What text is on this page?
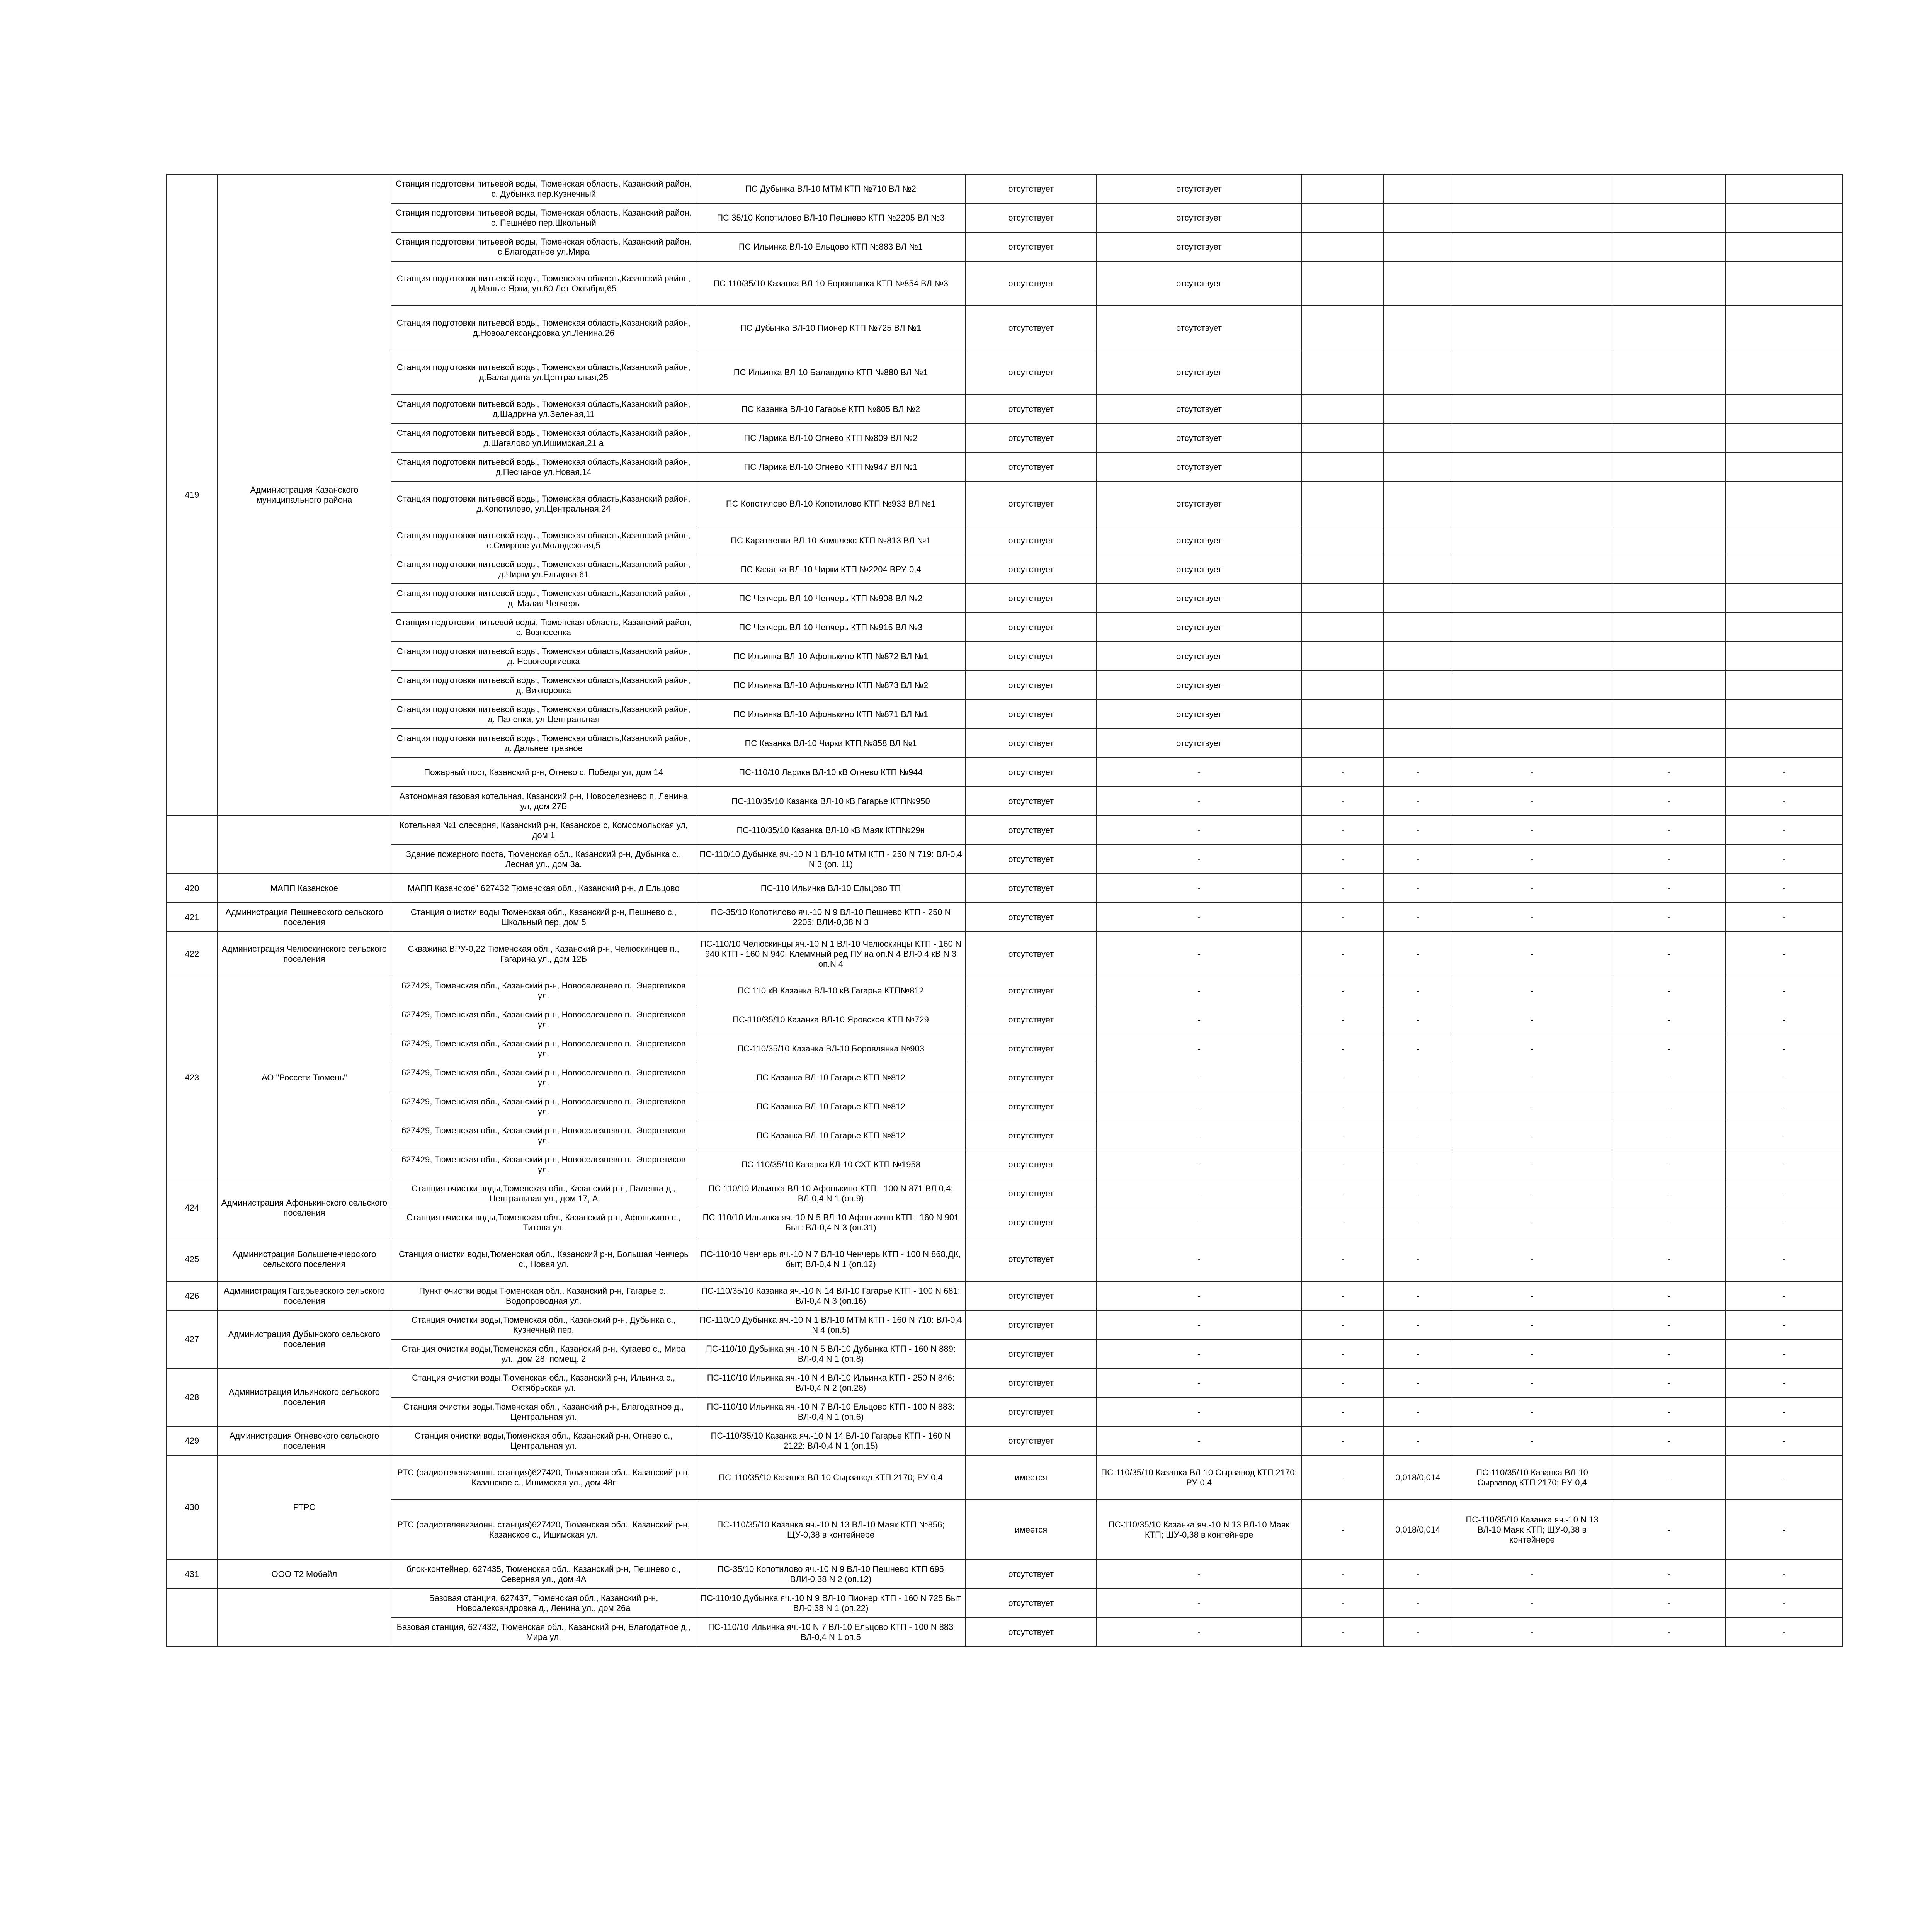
419	Администрация Казанского муниципального района	Станция подготовки питьевой воды, Тюменская область, Казанский район, с. Дубынка пер.Кузнечный	ПС Дубынка ВЛ-10 МТМ КТП №710 ВЛ №2	отсутствует	отсутствует					
		Станция подготовки питьевой воды, Тюменская область, Казанский район, с. Пешнёво пер.Школьный	ПС 35/10 Копотилово ВЛ-10 Пешнево КТП №2205 ВЛ №3	отсутствует	отсутствует					
		Станция подготовки питьевой воды, Тюменская область, Казанский район, с.Благодатное ул.Мира	ПС Ильинка ВЛ-10 Ельцово КТП №883 ВЛ №1	отсутствует	отсутствует					
		Станция подготовки питьевой воды, Тюменская область,Казанский район, д.Малые Ярки, ул.60 Лет Октября,65	ПС 110/35/10 Казанка ВЛ-10 Боровлянка КТП №854 ВЛ №3	отсутствует	отсутствует					
		Станция подготовки питьевой воды, Тюменская область,Казанский район, д.Новоалександровка ул.Ленина,26	ПС Дубынка ВЛ-10 Пионер КТП №725 ВЛ №1	отсутствует	отсутствует					
		Станция подготовки питьевой воды, Тюменская область,Казанский район, д.Баландина ул.Центральная,25	ПС Ильинка ВЛ-10 Баландино КТП №880 ВЛ №1	отсутствует	отсутствует					
		Станция подготовки питьевой воды, Тюменская область,Казанский район, д.Шадрина ул.Зеленая,11	ПС Казанка ВЛ-10 Гагарье КТП №805 ВЛ №2	отсутствует	отсутствует					
		Станция подготовки питьевой воды, Тюменская область,Казанский район, д.Шагалово ул.Ишимская,21 а	ПС Ларика ВЛ-10 Огнево КТП №809 ВЛ №2	отсутствует	отсутствует					
		Станция подготовки питьевой воды, Тюменская область,Казанский район, д.Песчаное ул.Новая,14	ПС Ларика ВЛ-10 Огнево КТП №947 ВЛ №1	отсутствует	отсутствует					
		Станция подготовки питьевой воды, Тюменская область,Казанский район, д.Копотилово, ул.Центральная,24	ПС Копотилово ВЛ-10 Копотилово КТП №933 ВЛ №1	отсутствует	отсутствует					
		Станция подготовки питьевой воды, Тюменская область,Казанский район, с.Смирное ул.Молодежная,5	ПС Каратаевка ВЛ-10 Комплекс КТП №813 ВЛ №1	отсутствует	отсутствует					
		Станция подготовки питьевой воды, Тюменская область,Казанский район, д.Чирки ул.Ельцова,61	ПС Казанка ВЛ-10 Чирки КТП №2204 ВРУ-0,4	отсутствует	отсутствует					
		Станция подготовки питьевой воды, Тюменская область,Казанский район, д. Малая Ченчерь	ПС Ченчерь ВЛ-10 Ченчерь КТП №908 ВЛ №2	отсутствует	отсутствует					
		Станция подготовки питьевой воды, Тюменская область, Казанский район, с. Вознесенка	ПС Ченчерь ВЛ-10 Ченчерь КТП №915 ВЛ №3	отсутствует	отсутствует					
		Станция подготовки питьевой воды, Тюменская область,Казанский район, д. Новогеоргиевка	ПС Ильинка ВЛ-10 Афонькино КТП №872 ВЛ №1	отсутствует	отсутствует					
		Станция подготовки питьевой воды, Тюменская область,Казанский район, д. Викторовка	ПС Ильинка ВЛ-10 Афонькино КТП №873 ВЛ №2	отсутствует	отсутствует					
		Станция подготовки питьевой воды, Тюменская область,Казанский район, д. Паленка, ул.Центральная	ПС Ильинка ВЛ-10 Афонькино КТП №871 ВЛ №1	отсутствует	отсутствует					
		Станция подготовки питьевой воды, Тюменская область,Казанский район, д. Дальнее травное	ПС Казанка ВЛ-10 Чирки КТП №858 ВЛ №1	отсутствует	отсутствует					
		Пожарный пост, Казанский р-н, Огнево с, Победы ул, дом 14	ПС-110/10 Ларика ВЛ-10 кВ Огнево КТП №944	отсутствует	-	-	-	-	-	-
		Автономная газовая котельная, Казанский р-н, Новоселезнево п, Ленина ул, дом 27Б	ПС-110/35/10 Казанка ВЛ-10 кВ Гагарье КТП№950	отсутствует	-	-	-	-	-	-
		Котельная №1 слесарня, Казанский р-н, Казанское с, Комсомольская ул, дом 1	ПС-110/35/10 Казанка ВЛ-10 кВ Маяк КТП№29н	отсутствует	-	-	-	-	-	-
		Здание пожарного поста, Тюменская обл., Казанский р-н, Дубынка с., Лесная ул., дом 3а.	ПС-110/10 Дубынка яч.-10 N 1 ВЛ-10 МТМ КТП - 250 N 719: ВЛ-0,4 N 3 (оп. 11)	отсутствует	-	-	-	-	-	-
420	МАПП Казанское	МАПП Казанское" 627432 Тюменская обл., Казанский р-н, д Ельцово	ПС-110 Ильинка ВЛ-10 Ельцово ТП	отсутствует	-	-	-	-	-	-
421	Администрация Пешневского сельского поселения	Станция очистки воды Тюменская обл., Казанский р-н, Пешнево с., Школьный пер, дом 5	ПС-35/10 Копотилово яч.-10 N 9 ВЛ-10 Пешнево КТП - 250 N 2205: ВЛИ-0,38 N 3	отсутствует	-	-	-	-	-	-
422	Администрация Челюскинского сельского поселения	Скважина ВРУ-0,22 Тюменская обл., Казанский р-н, Челюскинцев п., Гагарина ул., дом 12Б	ПС-110/10 Челюскинцы яч.-10 N 1 ВЛ-10 Челюскинцы КТП - 160 N 940 КТП - 160 N 940; Клеммный ред ПУ на оп.N 4 ВЛ-0,4 кВ N 3 оп.N 4	отсутствует	-	-	-	-	-	-
423	АО "Россети Тюмень"	627429, Тюменская обл., Казанский р-н, Новоселезнево п., Энергетиков ул.	ПС 110 кВ Казанка ВЛ-10 кВ Гагарье КТП№812	отсутствует	-	-	-	-	-	-
		627429, Тюменская обл., Казанский р-н, Новоселезнево п., Энергетиков ул.	ПС-110/35/10 Казанка ВЛ-10 Яровское КТП №729	отсутствует	-	-	-	-	-	-
		627429, Тюменская обл., Казанский р-н, Новоселезнево п., Энергетиков ул.	ПС-110/35/10 Казанка ВЛ-10 Боровлянка №903	отсутствует	-	-	-	-	-	-
		627429, Тюменская обл., Казанский р-н, Новоселезнево п., Энергетиков ул.	ПС Казанка ВЛ-10 Гагарье КТП №812	отсутствует	-	-	-	-	-	-
		627429, Тюменская обл., Казанский р-н, Новоселезнево п., Энергетиков ул.	ПС Казанка ВЛ-10 Гагарье КТП №812	отсутствует	-	-	-	-	-	-
		627429, Тюменская обл., Казанский р-н, Новоселезнево п., Энергетиков ул.	ПС Казанка ВЛ-10 Гагарье КТП №812	отсутствует	-	-	-	-	-	-
		627429, Тюменская обл., Казанский р-н, Новоселезнево п., Энергетиков ул.	ПС-110/35/10 Казанка КЛ-10 СХТ КТП №1958	отсутствует	-	-	-	-	-	-
424	Администрация Афонькинского сельского поселения	Станция очистки воды,Тюменская обл., Казанский р-н, Паленка д., Центральная ул., дом 17, А	ПС-110/10 Ильинка ВЛ-10 Афонькино КТП - 100 N 871 ВЛ 0,4; ВЛ-0,4 N 1 (оп.9)	отсутствует	-	-	-	-	-	-
		Станция очистки воды,Тюменская обл., Казанский р-н, Афонькино с., Титова ул.	ПС-110/10 Ильинка яч.-10 N 5 ВЛ-10 Афонькино КТП - 160 N 901 Быт: ВЛ-0,4 N 3 (оп.31)	отсутствует	-	-	-	-	-	-
425	Администрация Большеченчерского сельского поселения	Станция очистки воды,Тюменская обл., Казанский р-н, Большая Ченчерь с., Новая ул.	ПС-110/10 Ченчерь яч.-10 N 7 ВЛ-10 Ченчерь КТП - 100 N 868,ДК, быт; ВЛ-0,4 N 1 (оп.12)	отсутствует	-	-	-	-	-	-
426	Администрация Гагарьевского сельского поселения	Пункт очистки воды,Тюменская обл., Казанский р-н, Гагарье с., Водопроводная ул.	ПС-110/35/10 Казанка яч.-10 N 14 ВЛ-10 Гагарье КТП - 100 N 681: ВЛ-0,4 N 3 (оп.16)	отсутствует	-	-	-	-	-	-
427	Администрация Дубынского сельского поселения	Станция очистки воды,Тюменская обл., Казанский р-н, Дубынка с., Кузнечный пер.	ПС-110/10 Дубынка яч.-10 N 1 ВЛ-10 МТМ КТП - 160 N 710: ВЛ-0,4 N 4 (оп.5)	отсутствует	-	-	-	-	-	-
		Станция очистки воды,Тюменская обл., Казанский р-н, Кугаево с., Мира ул., дом 28, помещ. 2	ПС-110/10 Дубынка яч.-10 N 5 ВЛ-10 Дубынка КТП - 160 N 889: ВЛ-0,4 N 1 (оп.8)	отсутствует	-	-	-	-	-	-
428	Администрация Ильинского сельского поселения	Станция очистки воды,Тюменская обл., Казанский р-н, Ильинка с., Октябрьская ул.	ПС-110/10 Ильинка яч.-10 N 4 ВЛ-10 Ильинка КТП - 250 N 846: ВЛ-0,4 N 2 (оп.28)	отсутствует	-	-	-	-	-	-
		Станция очистки воды,Тюменская обл., Казанский р-н, Благодатное д., Центральная ул.	ПС-110/10 Ильинка яч.-10 N 7 ВЛ-10 Ельцово КТП - 100 N 883: ВЛ-0,4 N 1 (оп.6)	отсутствует	-	-	-	-	-	-
429	Администрация Огневского сельского поселения	Станция очистки воды,Тюменская обл., Казанский р-н, Огнево с., Центральная ул.	ПС-110/35/10 Казанка яч.-10 N 14 ВЛ-10 Гагарье КТП - 160 N 2122: ВЛ-0,4 N 1 (оп.15)	отсутствует	-	-	-	-	-	-
430	РТРС	РТС (радиотелевизионн. станция)627420, Тюменская обл., Казанский р-н, Казанское с., Ишимская ул., дом 48г	ПС-110/35/10 Казанка ВЛ-10 Сырзавод КТП 2170; РУ-0,4	имеется	ПС-110/35/10 Казанка ВЛ-10 Сырзавод КТП 2170; РУ-0,4	-	0,018/0,014	ПС-110/35/10 Казанка ВЛ-10 Сырзавод КТП 2170; РУ-0,4	-	-
		РТС (радиотелевизионн. станция)627420, Тюменская обл., Казанский р-н, Казанское с., Ишимская ул.	ПС-110/35/10 Казанка яч.-10 N 13 ВЛ-10 Маяк КТП №856; ЩУ-0,38 в контейнере	имеется	ПС-110/35/10 Казанка яч.-10 N 13 ВЛ-10 Маяк КТП; ЩУ-0,38 в контейнере	-	0,018/0,014	ПС-110/35/10 Казанка яч.-10 N 13 ВЛ-10 Маяк КТП; ЩУ-0,38 в контейнере	-	-
431	ООО Т2 Мобайл	блок-контейнер, 627435, Тюменская обл., Казанский р-н, Пешнево с., Северная ул., дом 4А	ПС-35/10 Копотилово яч.-10 N 9 ВЛ-10 Пешнево КТП 695 ВЛИ-0,38 N 2 (оп.12)	отсутствует	-	-	-	-	-	-
		Базовая станция, 627437, Тюменская обл., Казанский р-н, Новоалександровка д., Ленина ул., дом 26а	ПС-110/10 Дубынка яч.-10 N 9 ВЛ-10 Пионер КТП - 160 N 725 Быт ВЛ-0,38 N 1 (оп.22)	отсутствует	-	-	-	-	-	-
		Базовая станция, 627432, Тюменская обл., Казанский р-н, Благодатное д., Мира ул.	ПС-110/10 Ильинка яч.-10 N 7 ВЛ-10 Ельцово КТП - 100 N 883 ВЛ-0,4 N 1 оп.5	отсутствует	-	-	-	-	-	-
